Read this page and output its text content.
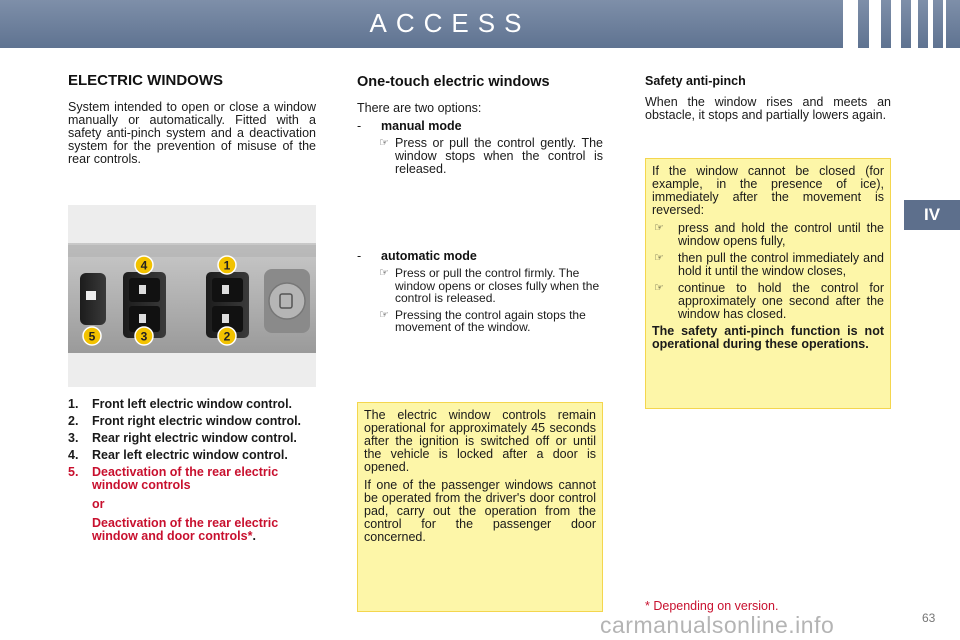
ACCESS
IV
ELECTRIC WINDOWS

System intended to open or close a window manually or automatically. Fitted with a safety anti-pinch system and a deactivation system for the prevention of misuse of the rear controls.

4	1
5	3	2
1.	Front left electric window control.
2.	Front right electric window control.
3.	Rear right electric window control.
4.	Rear left electric window control.
5.	Deactivation of the rear electric window controls
or
Deactivation of the rear electric window and door controls*.
One-touch electric windows

There are two options:

-	manual mode
☞ Press or pull the control gently. The window stops when the control is released.
-	automatic mode
☞ Press or pull the control firmly. The window opens or closes fully when the control is released.
☞ Pressing the control again stops the movement of the window.

The electric window controls remain operational for approximately 45 seconds after the ignition is switched off or until the vehicle is locked after a door is opened.

If one of the passenger windows cannot be operated from the driver's door control pad, carry out the operation from the control for the passenger door concerned.

Safety anti-pinch

When the window rises and meets an obstacle, it stops and partially lowers again.

If the window cannot be closed (for example, in the presence of ice), immediately after the movement is reversed:

☞	press and hold the control until the window opens fully,
☞	then pull the control immediately and hold it until the window closes,
☞	continue to hold the control for approximately one second after the window has closed.

The safety anti-pinch function is not operational during these operations.

* Depending on version.
carmanualsonline.info	63
